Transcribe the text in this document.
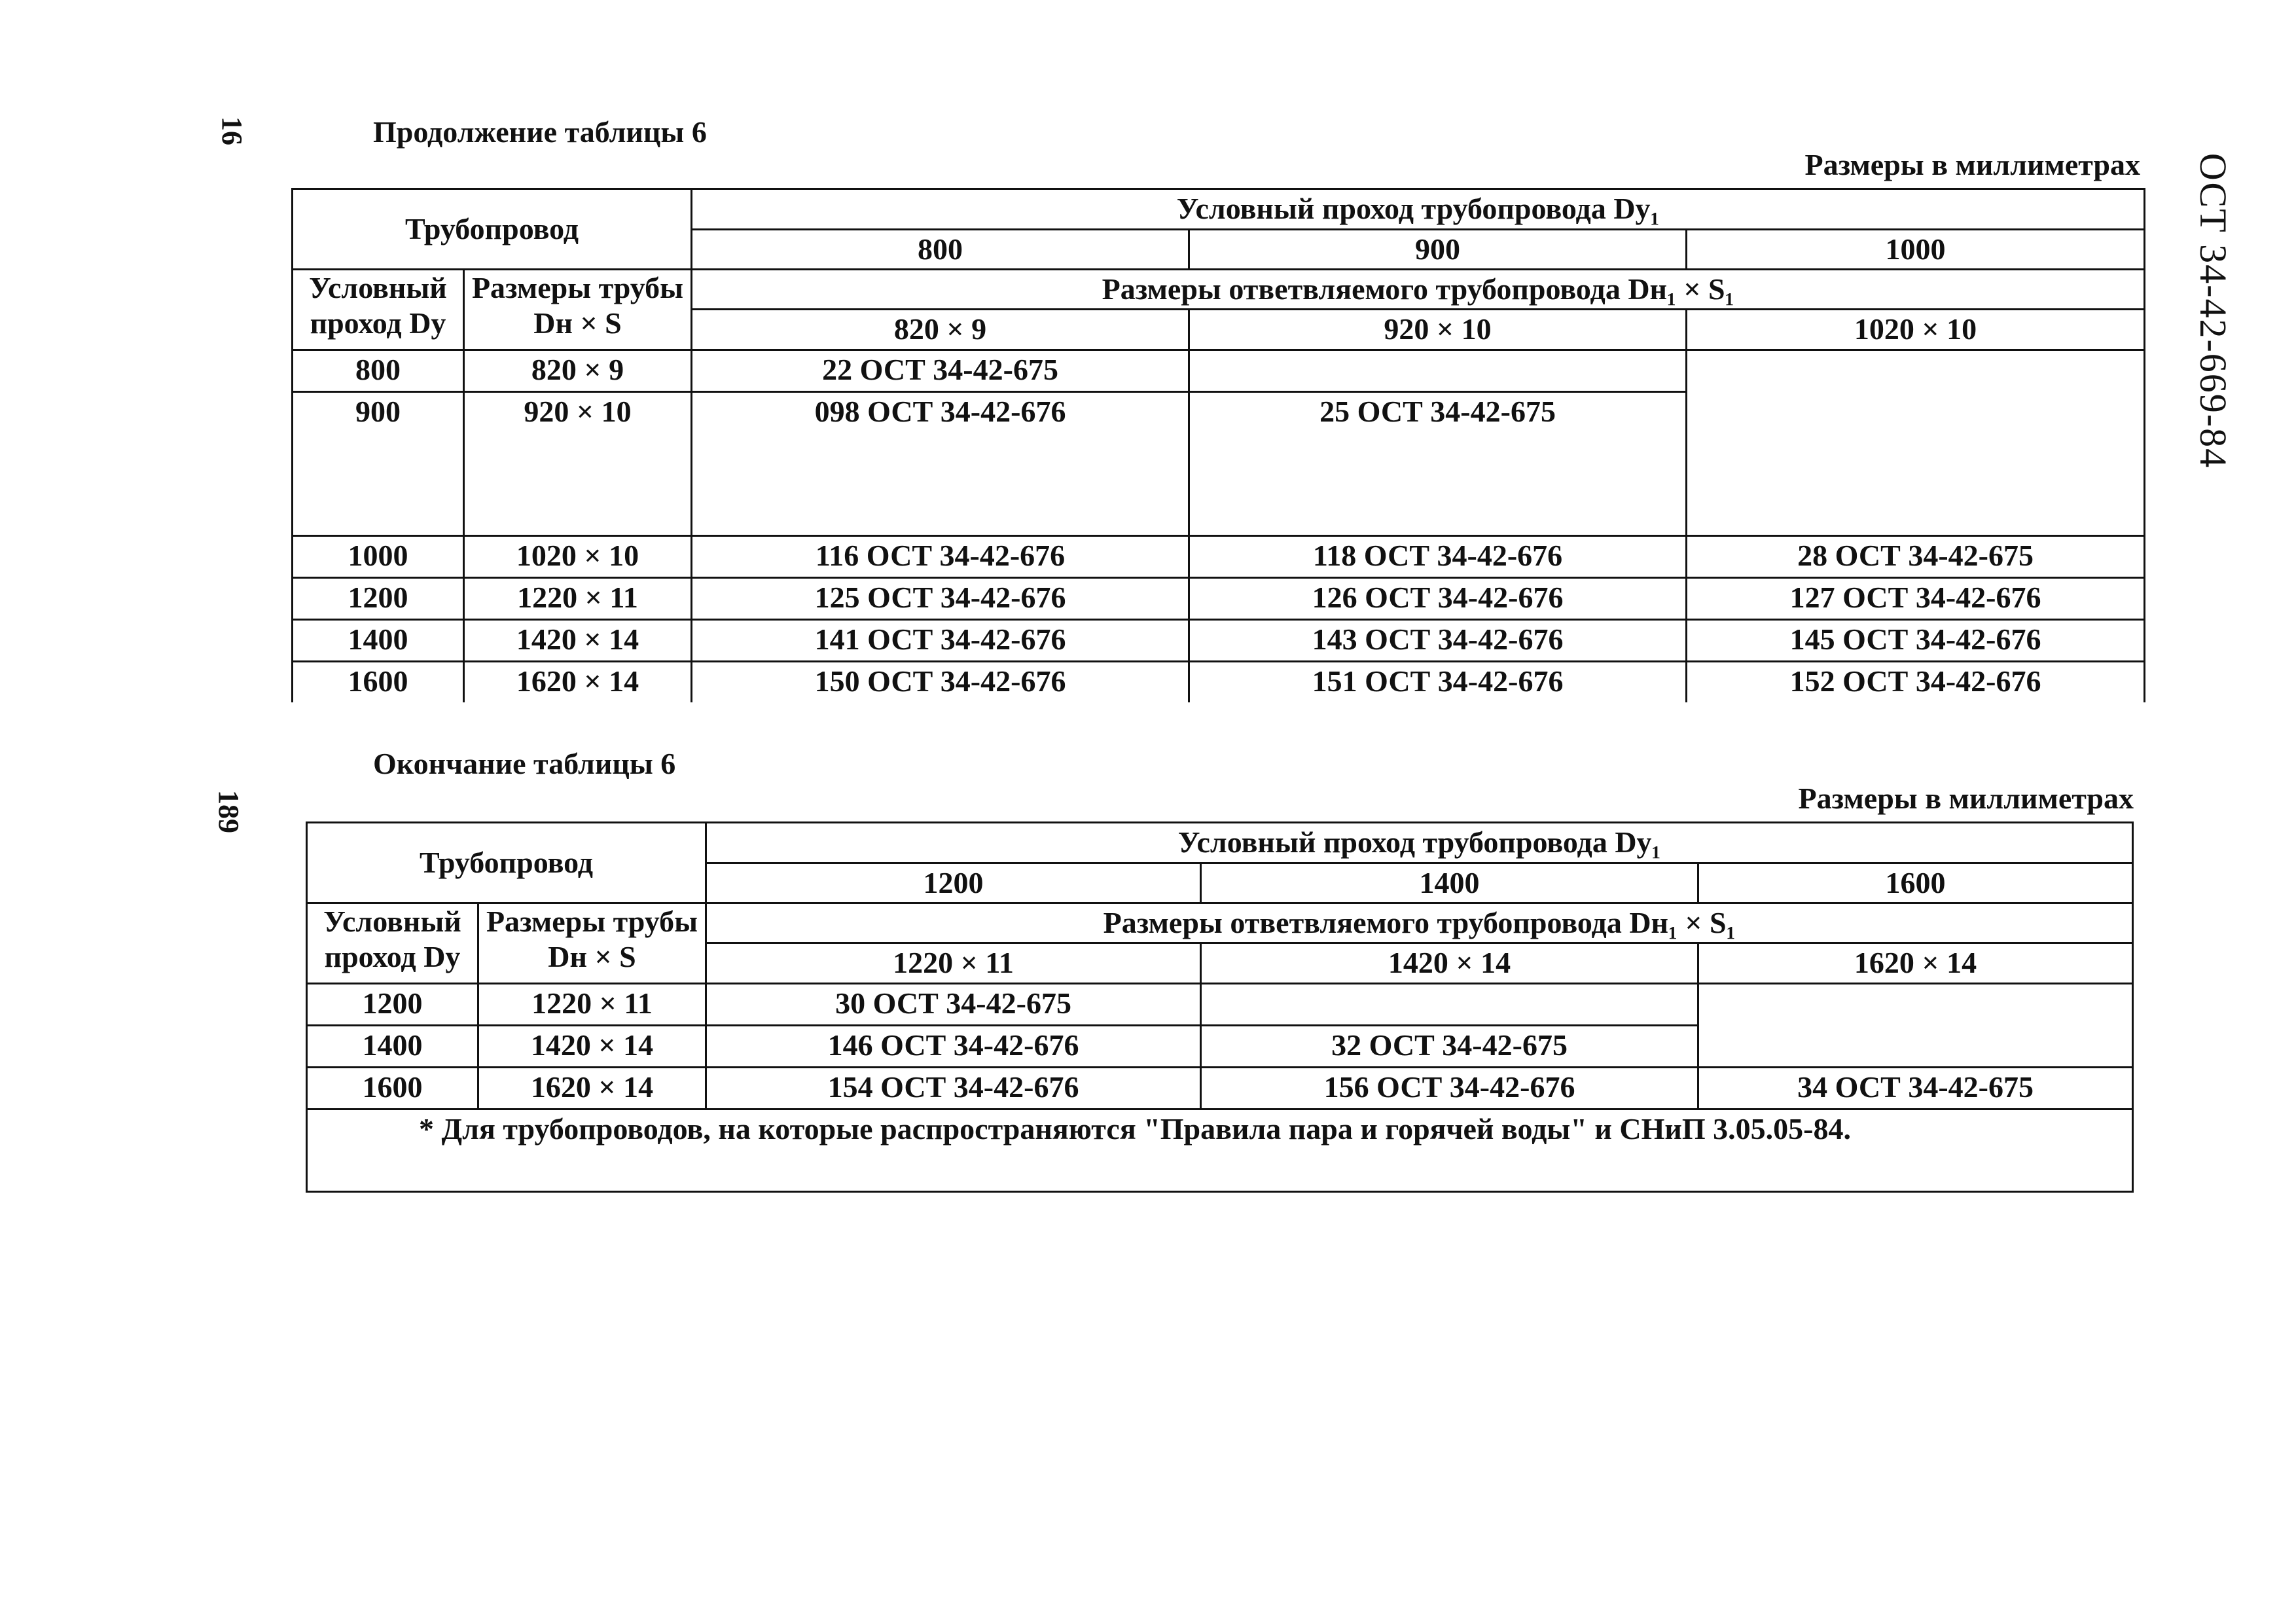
ОСТ 34-42-669-84
16
189
Продолжение таблицы 6
Размеры в миллиметрах
Трубопровод		Условный проход трубопровода Dy₁		
		800	900	1000
Условный проход Dy	Размеры трубы Dн × S	Размеры ответвляемого трубопровода Dн₁ × S₁		
		820 × 9	920 × 10	1020 × 10
800	820 × 9	22 ОСТ 34-42-675		
900	920 × 10	098 ОСТ 34-42-676	25 ОСТ 34-42-675	
1000	1020 × 10	116 ОСТ 34-42-676	118 ОСТ 34-42-676	28 ОСТ 34-42-675
1200	1220 × 11	125 ОСТ 34-42-676	126 ОСТ 34-42-676	127 ОСТ 34-42-676
1400	1420 × 14	141 ОСТ 34-42-676	143 ОСТ 34-42-676	145 ОСТ 34-42-676
1600	1620 × 14	150 ОСТ 34-42-676	151 ОСТ 34-42-676	152 ОСТ 34-42-676
Окончание таблицы 6
Размеры в миллиметрах
Трубопровод		Условный проход трубопровода Dy₁		
		1200	1400	1600
Условный проход Dy	Размеры трубы Dн × S	Размеры ответвляемого трубопровода Dн₁ × S₁		
		1220 × 11	1420 × 14	1620 × 14
1200	1220 × 11	30 ОСТ 34-42-675		
1400	1420 × 14	146 ОСТ 34-42-676	32 ОСТ 34-42-675	
1600	1620 × 14	154 ОСТ 34-42-676	156 ОСТ 34-42-676	34 ОСТ 34-42-675
* Для трубопроводов, на которые распространяются "Правила пара и горячей воды" и СНиП 3.05.05-84.				
